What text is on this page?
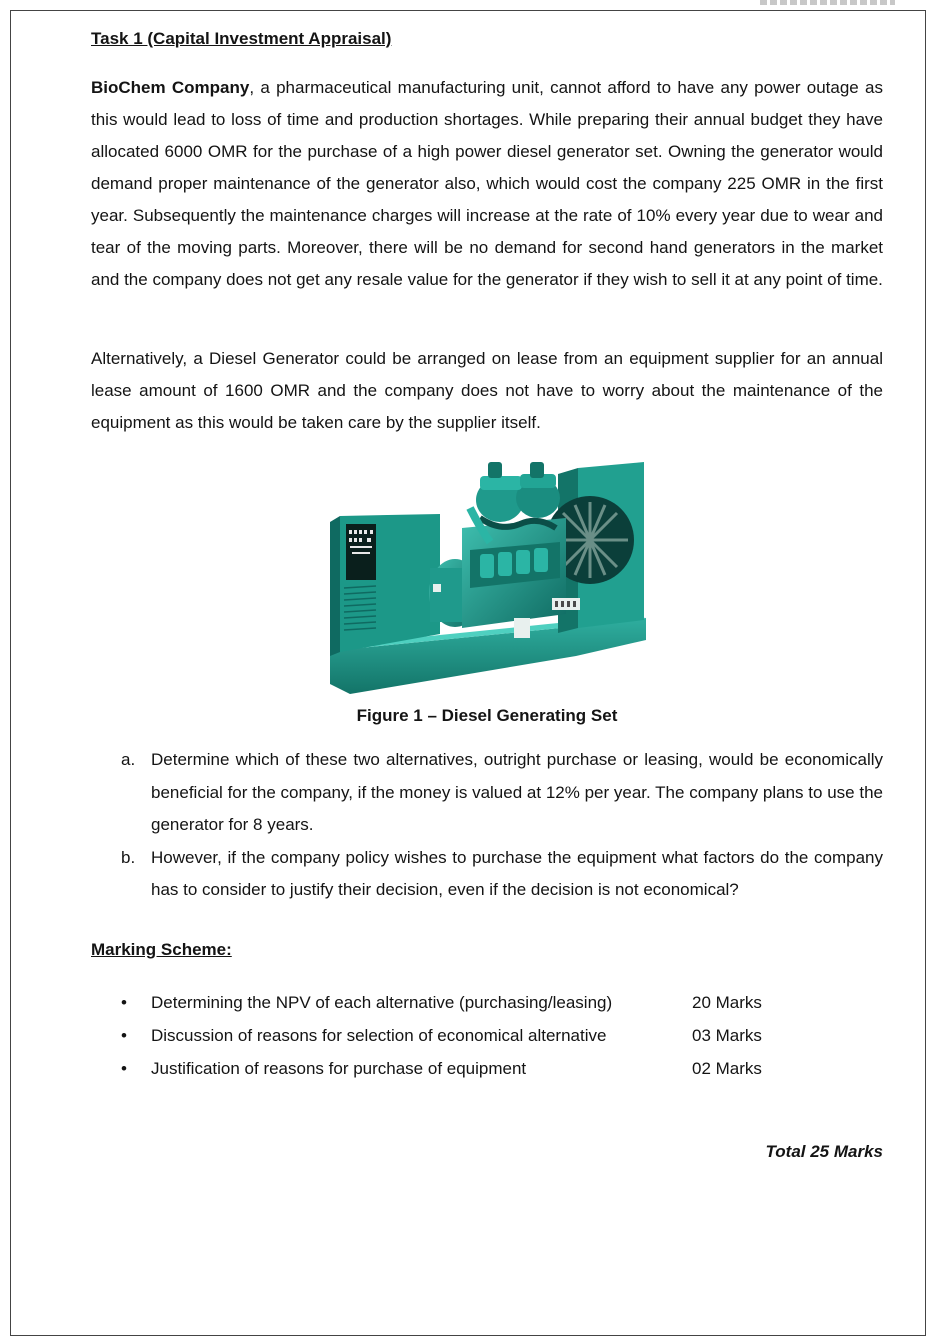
Task 1 (Capital Investment Appraisal)

BioChem Company, a pharmaceutical manufacturing unit, cannot afford to have any power outage as this would lead to loss of time and production shortages. While preparing their annual budget they have allocated 6000 OMR for the purchase of a high power diesel generator set. Owning the generator would demand proper maintenance of the generator also, which would cost the company 225 OMR in the first year. Subsequently the maintenance charges will increase at the rate of 10% every year due to wear and tear of the moving parts. Moreover, there will be no demand for second hand generators in the market and the company does not get any resale value for the generator if they wish to sell it at any point of time.

Alternatively, a Diesel Generator could be arranged on lease from an equipment supplier for an annual lease amount of 1600 OMR and the company does not have to worry about the maintenance of the equipment as this would be taken care by the supplier itself.

Figure 1 – Diesel Generating Set
a. Determine which of these two alternatives, outright purchase or leasing, would be economically beneficial for the company, if the money is valued at 12% per year. The company plans to use the generator for 8 years.
b. However, if the company policy wishes to purchase the equipment what factors do the company has to consider to justify their decision, even if the decision is not economical?
Marking Scheme:
• Determining the NPV of each alternative (purchasing/leasing)	20 Marks
• Discussion of reasons for selection of economical alternative	03 Marks
• Justification of reasons for purchase of equipment	02 Marks
Total 25 Marks
